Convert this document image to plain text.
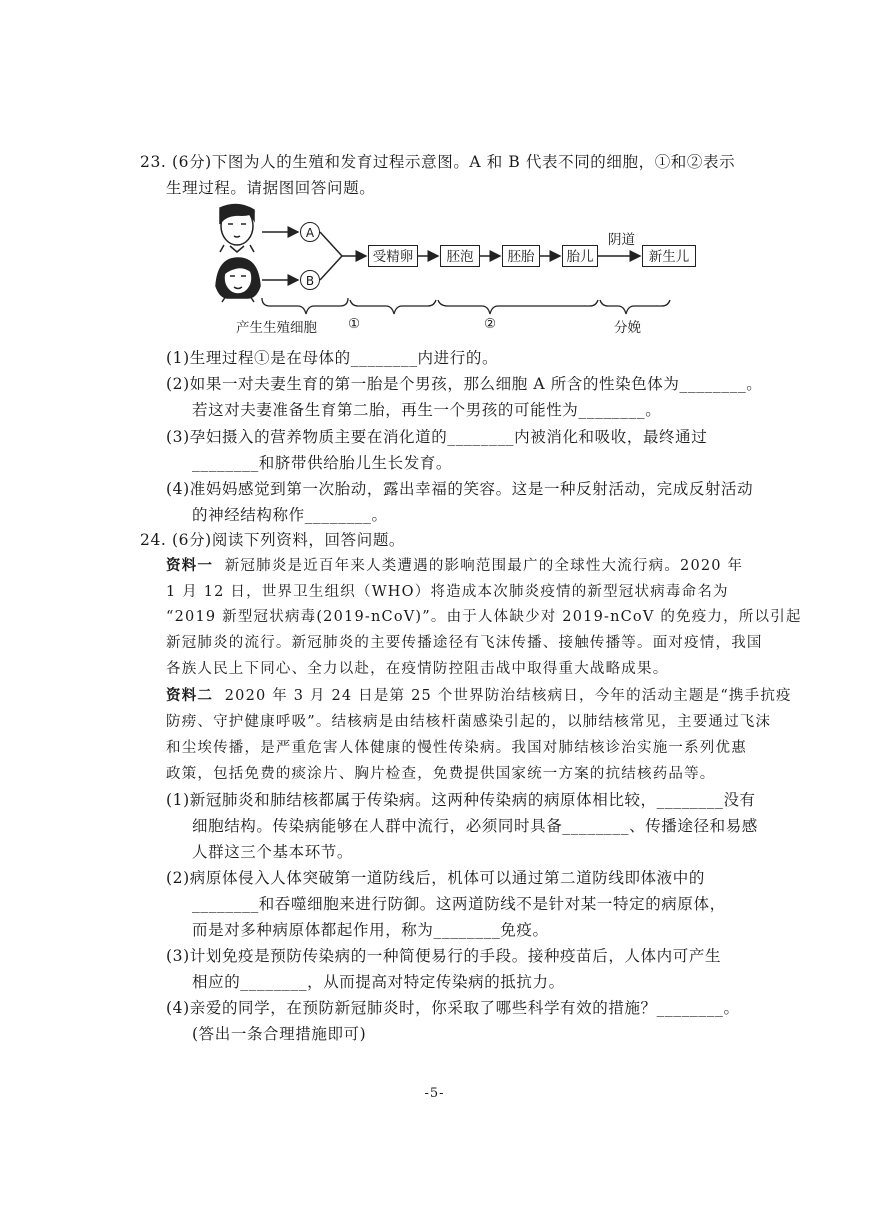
23. (6分)下图为人的生殖和发育过程示意图。A 和 B 代表不同的细胞，①和②表示
生理过程。请据图回答问题。
A
B
受精卵	胚泡	胚胎	胎儿	新生儿
阴道
产生生殖细胞 ①	②	分娩
(1)生理过程①是在母体的________内进行的。
(2)如果一对夫妻生育的第一胎是个男孩，那么细胞 A 所含的性染色体为________。
若这对夫妻准备生育第二胎，再生一个男孩的可能性为________。
(3)孕妇摄入的营养物质主要在消化道的________内被消化和吸收，最终通过
________和脐带供给胎儿生长发育。
(4)准妈妈感觉到第一次胎动，露出幸福的笑容。这是一种反射活动，完成反射活动
的神经结构称作________。
24. (6分)阅读下列资料，回答问题。
资料一 新冠肺炎是近百年来人类遭遇的影响范围最广的全球性大流行病。2020 年
1 月 12 日，世界卫生组织（WHO）将造成本次肺炎疫情的新型冠状病毒命名为
“2019 新型冠状病毒(2019-nCoV)”。由于人体缺少对 2019-nCoV 的免疫力，所以引起
新冠肺炎的流行。新冠肺炎的主要传播途径有飞沫传播、接触传播等。面对疫情，我国
各族人民上下同心、全力以赴，在疫情防控阻击战中取得重大战略成果。
资料二 2020 年 3 月 24 日是第 25 个世界防治结核病日，今年的活动主题是“携手抗疫
防痨、守护健康呼吸”。结核病是由结核杆菌感染引起的，以肺结核常见，主要通过飞沫
和尘埃传播，是严重危害人体健康的慢性传染病。我国对肺结核诊治实施一系列优惠
政策，包括免费的痰涂片、胸片检查，免费提供国家统一方案的抗结核药品等。
(1)新冠肺炎和肺结核都属于传染病。这两种传染病的病原体相比较，________没有
细胞结构。传染病能够在人群中流行，必须同时具备________、传播途径和易感
人群这三个基本环节。
(2)病原体侵入人体突破第一道防线后，机体可以通过第二道防线即体液中的
________和吞噬细胞来进行防御。这两道防线不是针对某一特定的病原体，
而是对多种病原体都起作用，称为________免疫。
(3)计划免疫是预防传染病的一种简便易行的手段。接种疫苗后，人体内可产生
相应的________，从而提高对特定传染病的抵抗力。
(4)亲爱的同学，在预防新冠肺炎时，你采取了哪些科学有效的措施？________。
(答出一条合理措施即可)
-5-
